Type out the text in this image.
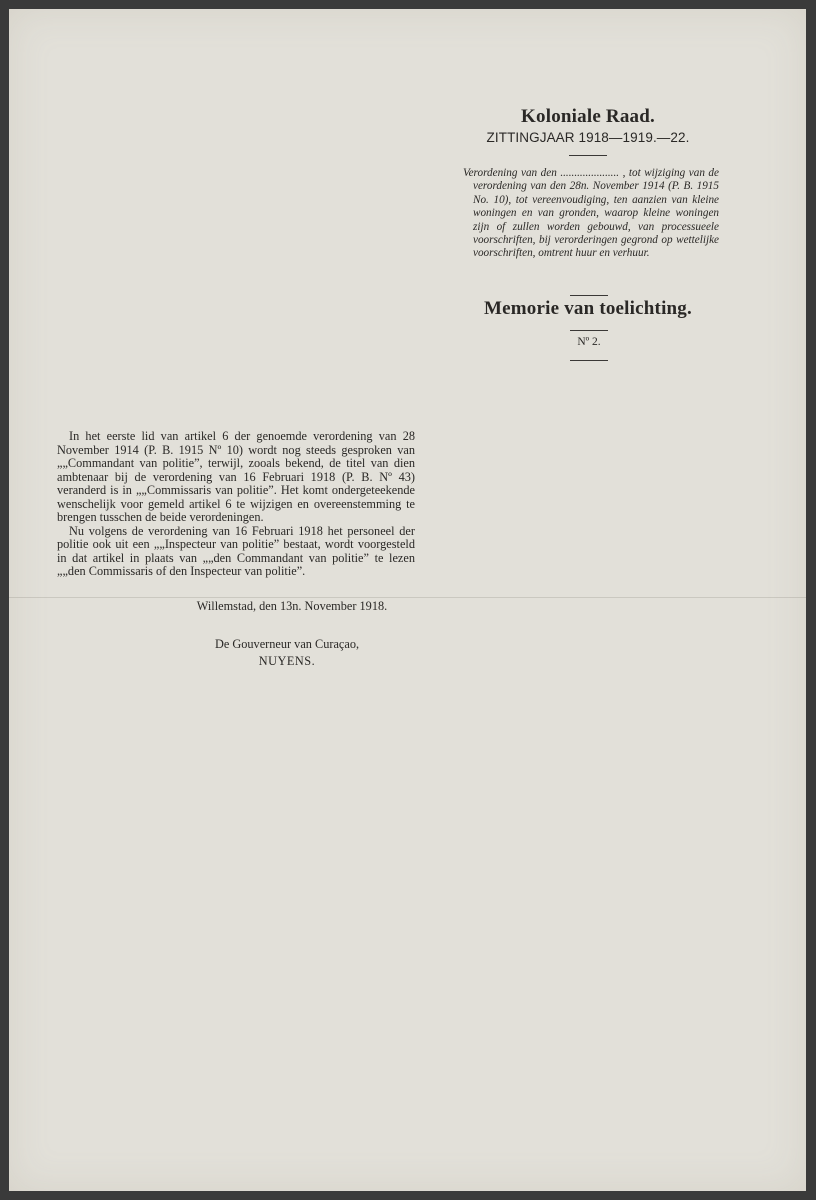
Koloniale Raad.

ZITTINGJAAR 1918—1919.—22.

Verordening van den ..................... , tot wijziging van de verordening van den 28n. November 1914 (P. B. 1915 No. 10), tot vereenvoudiging, ten aanzien van kleine woningen en van gronden, waarop kleine woningen zijn of zullen worden gebouwd, van processueele voorschriften, bij verorderingen gegrond op wettelijke voorschriften, omtrent huur en verhuur.

Memorie van toelichting.
Nº 2.

In het eerste lid van artikel 6 der genoemde verordening van 28 November 1914 (P. B. 1915 Nº 10) wordt nog steeds gesproken van „„Commandant van politie”, terwijl, zooals bekend, de titel van dien ambtenaar bij de verordening van 16 Februari 1918 (P. B. Nº 43) veranderd is in „„Commissaris van politie”. Het komt ondergeteekende wenschelijk voor gemeld artikel 6 te wijzigen en overeenstemming te brengen tusschen de beide verordeningen.

Nu volgens de verordening van 16 Februari 1918 het personeel der politie ook uit een „„Inspecteur van politie” bestaat, wordt voorgesteld in dat artikel in plaats van „„den Commandant van politie” te lezen „„den Commissaris of den Inspecteur van politie”.

Willemstad, den 13n. November 1918.
De Gouverneur van Curaçao,
NUYENS.
